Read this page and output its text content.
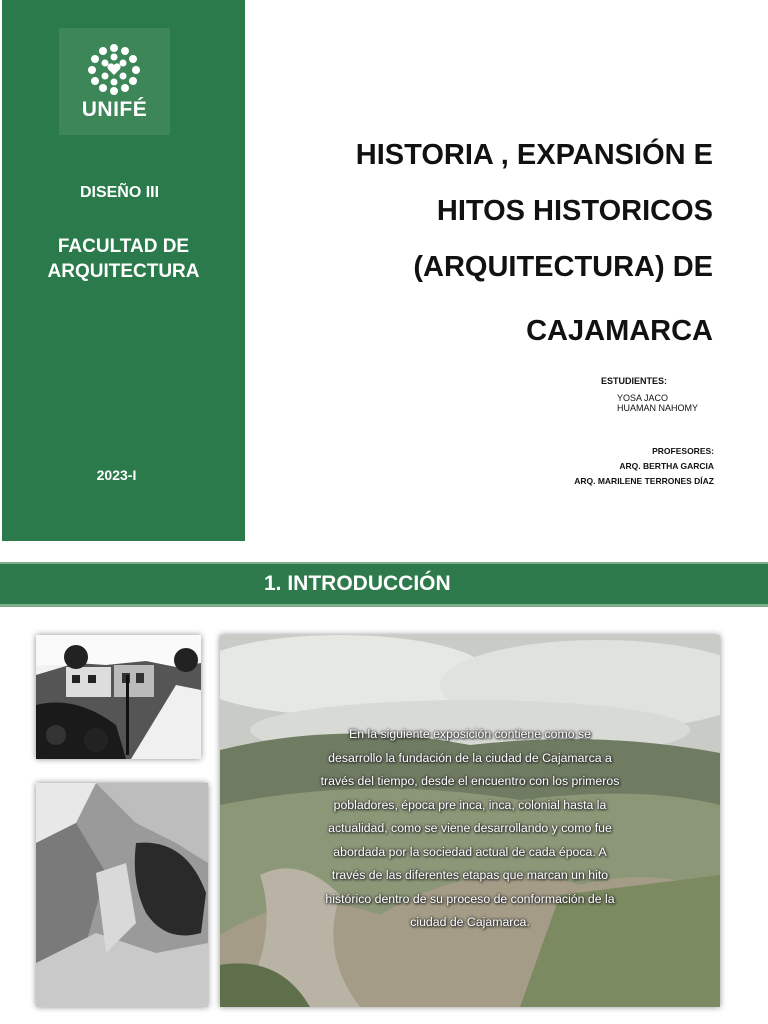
UNIFÉ
DISEÑO III
FACULTAD DE
ARQUITECTURA
2023-I
HISTORIA , EXPANSIÓN E
HITOS HISTORICOS
(ARQUITECTURA) DE
CAJAMARCA
ESTUDIENTES:
YOSA JACO
HUAMAN NAHOMY
PROFESORES:
ARQ. BERTHA GARCIA
ARQ. MARILENE TERRONES DÍAZ
1. INTRODUCCIÓN
En la siguiente exposición contiene como se
desarrollo la fundación de la ciudad de Cajamarca a
través del tiempo, desde el encuentro con los primeros
pobladores, época pre inca, inca, colonial hasta la
actualidad, como se viene desarrollando y como fue
abordada por la sociedad actual de cada época. A
través de las diferentes etapas que marcan un hito
histórico dentro de su proceso de conformación de la
ciudad de Cajamarca.
